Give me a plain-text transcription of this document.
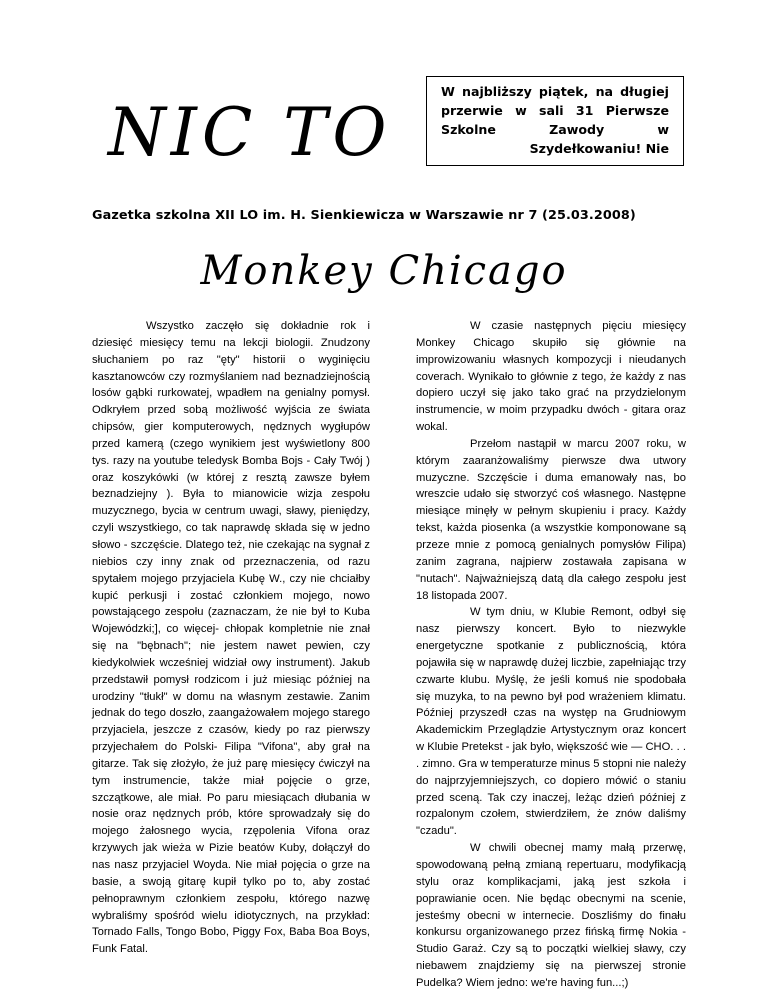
NIC TO

W najbliższy piątek, na długiej

przerwie w sali 31 Pierwsze

Szkolne Zawody w

Szydełkowaniu! Nie

Gazetka szkolna XII LO im. H. Sienkiewicza w Warszawie nr 7 (25.03.2008)
Monkey Chicago

Wszystko zaczęło się dokładnie rok i dziesięć miesięcy temu na lekcji biologii. Znudzony słuchaniem po raz "ęty" historii o wyginięciu kasztanowców czy rozmyślaniem nad beznadziejnością losów gąbki rurkowatej, wpadłem na genialny pomysł. Odkryłem przed sobą możliwość wyjścia ze świata chipsów, gier komputerowych, nędznych wygłupów przed kamerą (czego wynikiem jest wyświetlony 800 tys. razy na youtube teledysk Bomba Bojs - Cały Twój ) oraz koszykówki (w której z resztą zawsze byłem beznadziejny ). Była to mianowicie wizja zespołu muzycznego, bycia w centrum uwagi, sławy, pieniędzy, czyli wszystkiego, co tak naprawdę składa się w jedno słowo - szczęście. Dlatego też, nie czekając na sygnał z niebios czy inny znak od przeznaczenia, od razu spytałem mojego przyjaciela Kubę W., czy nie chciałby kupić perkusji i zostać członkiem mojego, nowo powstającego zespołu (zaznaczam, że nie był to Kuba Wojewódzki;], co więcej- chłopak kompletnie nie znał się na "bębnach"; nie jestem nawet pewien, czy kiedykolwiek wcześniej widział owy instrument). Jakub przedstawił pomysł rodzicom i już miesiąc później na urodziny "tłukł" w domu na własnym zestawie. Zanim jednak do tego doszło, zaangażowałem mojego starego przyjaciela, jeszcze z czasów, kiedy po raz pierwszy przyjechałem do Polski- Filipa "Vifona", aby grał na gitarze. Tak się złożyło, że już parę miesięcy ćwiczył na tym instrumencie, także miał pojęcie o grze, szczątkowe, ale miał. Po paru miesiącach dłubania w nosie oraz nędznych prób, które sprowadzały się do mojego żałosnego wycia, rzępolenia Vifona oraz krzywych jak wieża w Pizie beatów Kuby, dołączył do nas nasz przyjaciel Woyda. Nie miał pojęcia o grze na basie, a swoją gitarę kupił tylko po to, aby zostać pełnoprawnym członkiem zespołu, którego nazwę wybraliśmy spośród wielu idiotycznych, na przykład: Tornado Falls, Tongo Bobo, Piggy Fox, Baba Boa Boys, Funk Fatal.

W czasie następnych pięciu miesięcy Monkey Chicago skupiło się głównie na improwizowaniu własnych kompozycji i nieudanych coverach. Wynikało to głównie z tego, że każdy z nas dopiero uczył się jako tako grać na przydzielonym instrumencie, w moim przypadku dwóch - gitara oraz wokal.

Przełom nastąpił w marcu 2007 roku, w którym zaaranżowaliśmy pierwsze dwa utwory muzyczne. Szczęście i duma emanowały nas, bo wreszcie udało się stworzyć coś własnego. Następne miesiące minęły w pełnym skupieniu i pracy. Każdy tekst, każda piosenka (a wszystkie komponowane są przeze mnie z pomocą genialnych pomysłów Filipa) zanim zagrana, najpierw zostawała zapisana w "nutach". Najważniejszą datą dla całego zespołu jest 18 listopada 2007.

W tym dniu, w Klubie Remont, odbył się nasz pierwszy koncert. Było to niezwykle energetyczne spotkanie z publicznością, która pojawiła się w naprawdę dużej liczbie, zapełniając trzy czwarte klubu. Myślę, że jeśli komuś nie spodobała się muzyka, to na pewno był pod wrażeniem klimatu. Później przyszedł czas na występ na Grudniowym Akademickim Przeglądzie Artystycznym oraz koncert w Klubie Pretekst - jak było, większość wie — CHO. . . . zimno. Gra w temperaturze minus 5 stopni nie należy do najprzyjemniejszych, co dopiero mówić o staniu przed sceną. Tak czy inaczej, leżąc dzień później z rozpalonym czołem, stwierdziłem, że znów daliśmy "czadu".

W chwili obecnej mamy małą przerwę, spowodowaną pełną zmianą repertuaru, modyfikacją stylu oraz komplikacjami, jaką jest szkoła i poprawianie ocen. Nie będąc obecnymi na scenie, jesteśmy obecni w internecie. Doszliśmy do finału konkursu organizowanego przez fińską firmę Nokia - Studio Garaż. Czy są to początki wielkiej sławy, czy niebawem znajdziemy się na pierwszej stronie Pudelka? Wiem jedno: we're having fun...;)
